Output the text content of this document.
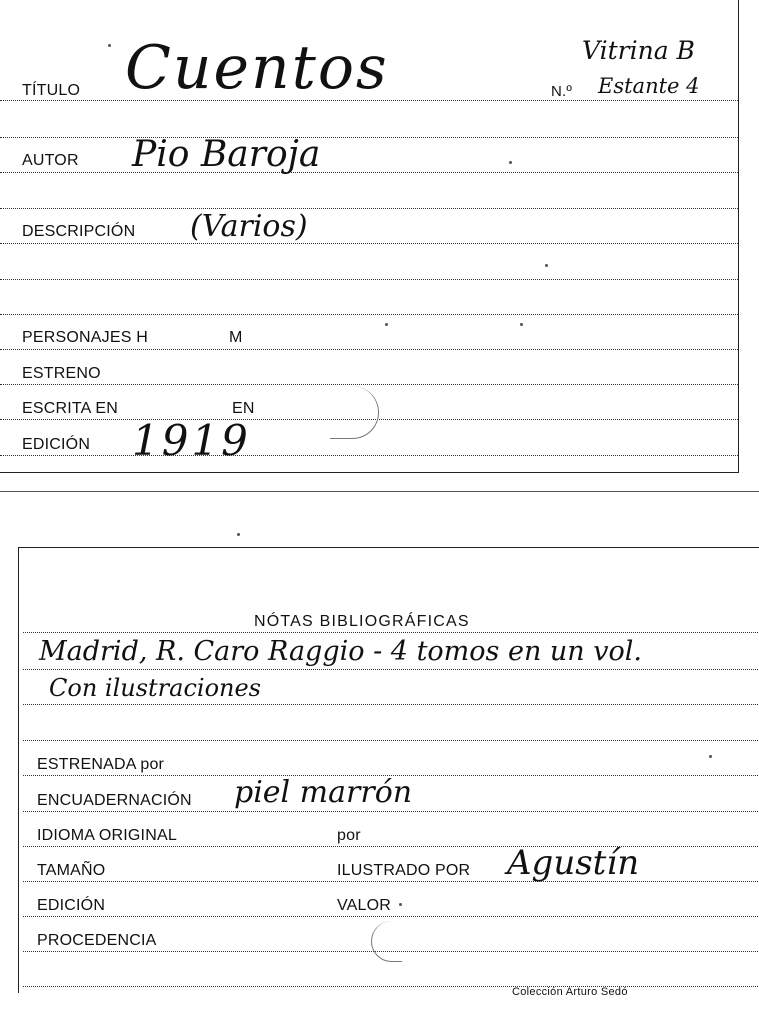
TÍTULO Cuentos	N.º
Vitrina B
Estante 4
AUTOR Pio Baroja
DESCRIPCIÓN (Varios)
PERSONAJES H	M
ESTRENO
ESCRITA EN	EN
EDICIÓN 1919
NÓTAS BIBLIOGRÁFICAS
Madrid, R. Caro Raggio - 4 tomos en un vol.
Con ilustraciones
ESTRENADA por
ENCUADERNACIÓN piel marrón
IDIOMA ORIGINAL	por
TAMAÑO	ILUSTRADO POR Agustín
EDICIÓN	VALOR
PROCEDENCIA
Colección Arturo Sedó
